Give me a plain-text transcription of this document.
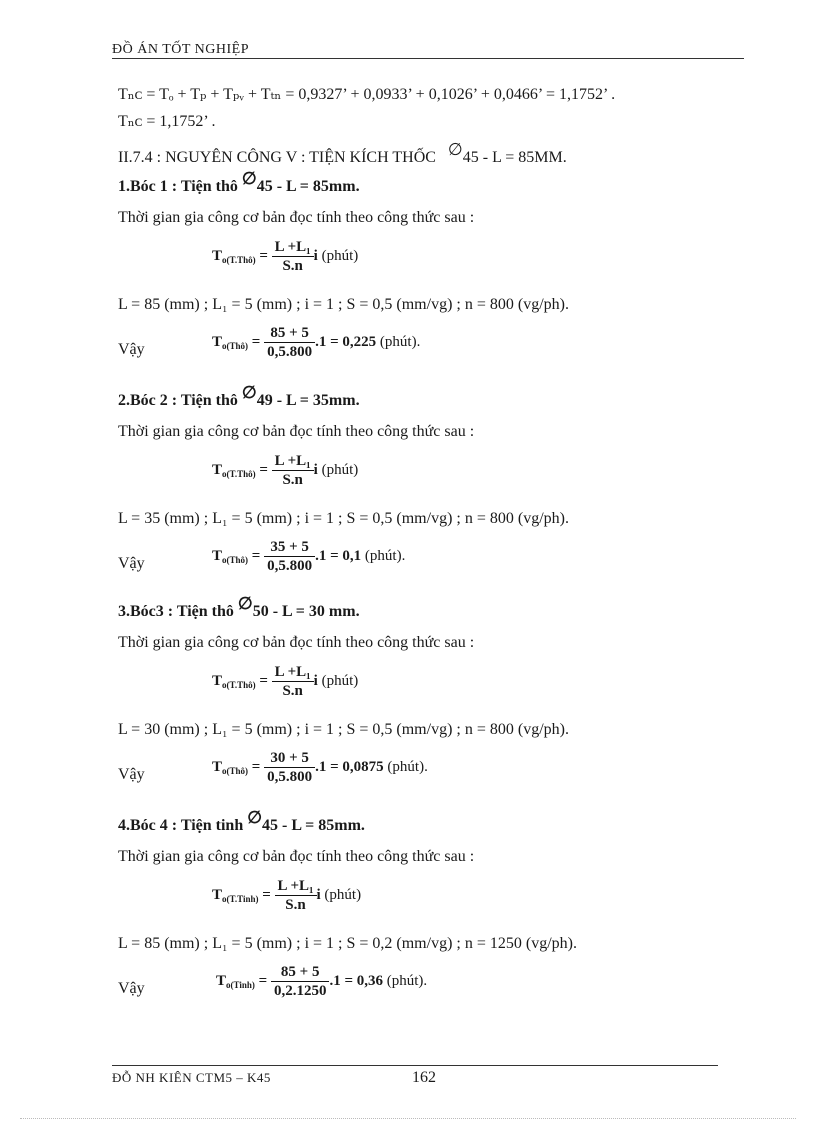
ĐỒ ÁN TỐT NGHIỆP
Tₙᴄ = Tₒ + Tₚ + Tₚᵥ + Tₜₙ = 0,9327’ + 0,0933’ + 0,1026’ + 0,0466’ = 1,1752’ .
Tₙᴄ = 1,1752’ .
II.7.4 : NGUYÊN CÔNG V : TIỆN KÍCH THỐC ∅45 - L = 85MM.
1.Bóc 1 : Tiện thô ∅45 - L = 85mm.
Thời gian gia công cơ bản đọc tính theo công thức sau :
$T_{o(T.Thô)} = \frac{\text{L +L₁}}{S.n}$ i (phút)
L = 85 (mm) ; L₁ = 5 (mm) ; i = 1 ; S = 0,5 (mm/vg) ; n = 800 (vg/ph).
Vậy	$T_{o(Thô)} = \frac{85 + 5}{0,5.800} .1 = 0,225$ (phút).
2.Bóc 2 : Tiện thô ∅49 - L = 35mm.
Thời gian gia công cơ bản đọc tính theo công thức sau :
$T_{o(T.Thô)} = \frac{\text{L +L₁}}{S.n}$ i (phút)
L = 35 (mm) ; L₁ = 5 (mm) ; i = 1 ; S = 0,5 (mm/vg) ; n = 800 (vg/ph).
Vậy	$T_{o(Thô)} = \frac{35 + 5}{0,5.800} .1 = 0,1$ (phút).
3.Bóc3 : Tiện thô ∅50 - L = 30 mm.
Thời gian gia công cơ bản đọc tính theo công thức sau :
$T_{o(T.Thô)} = \frac{\text{L +L₁}}{S.n}$ i (phút)
L = 30 (mm) ; L₁ = 5 (mm) ; i = 1 ; S = 0,5 (mm/vg) ; n = 800 (vg/ph).
Vậy	$T_{o(Thô)} = \frac{30 + 5}{0,5.800} .1 = 0,0875$ (phút).
4.Bóc 4 : Tiện tinh ∅45 - L = 85mm.
Thời gian gia công cơ bản đọc tính theo công thức sau :
$T_{o(T.Tinh)} = \frac{\text{L +L₁}}{S.n}$ i (phút)
L = 85 (mm) ; L₁ = 5 (mm) ; i = 1 ; S = 0,2 (mm/vg) ; n = 1250 (vg/ph).
Vậy	$T_{o(Tinh)} = \frac{85 + 5}{0,2.1250} .1 = 0,36$ (phút).
ĐỖ NH KIÊN CTM5 – K45	162
